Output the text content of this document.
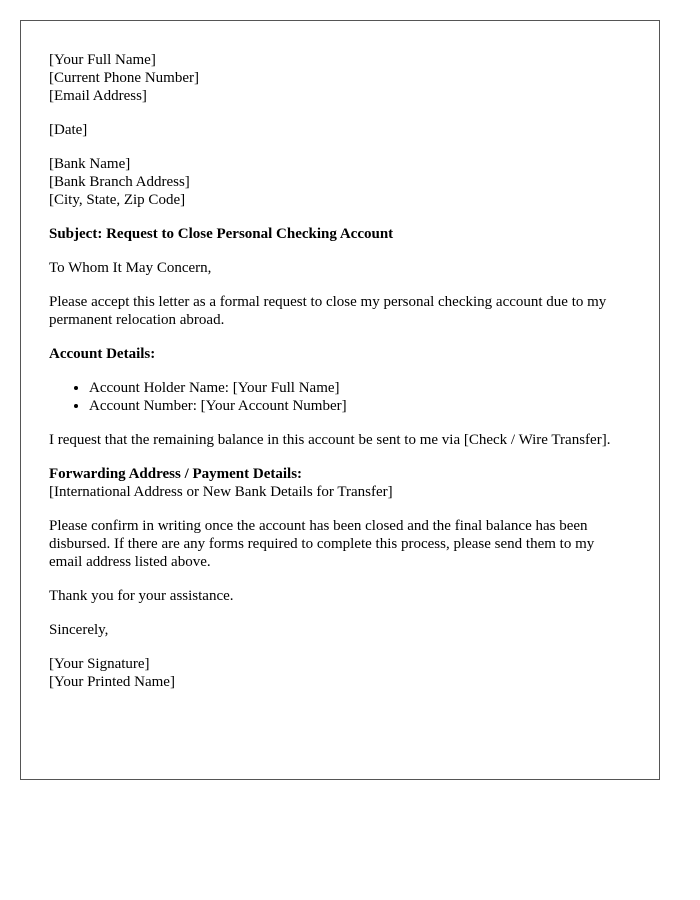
[Your Full Name]
[Current Phone Number]
[Email Address]
[Date]
[Bank Name]
[Bank Branch Address]
[City, State, Zip Code]
Subject: Request to Close Personal Checking Account

To Whom It May Concern,

Please accept this letter as a formal request to close my personal checking account due to my permanent relocation abroad.

Account Details:
• Account Holder Name: [Your Full Name]
• Account Number: [Your Account Number]

I request that the remaining balance in this account be sent to me via [Check / Wire Transfer].

Forwarding Address / Payment Details:
[International Address or New Bank Details for Transfer]

Please confirm in writing once the account has been closed and the final balance has been disbursed. If there are any forms required to complete this process, please send them to my email address listed above.

Thank you for your assistance.

Sincerely,

[Your Signature]
[Your Printed Name]
